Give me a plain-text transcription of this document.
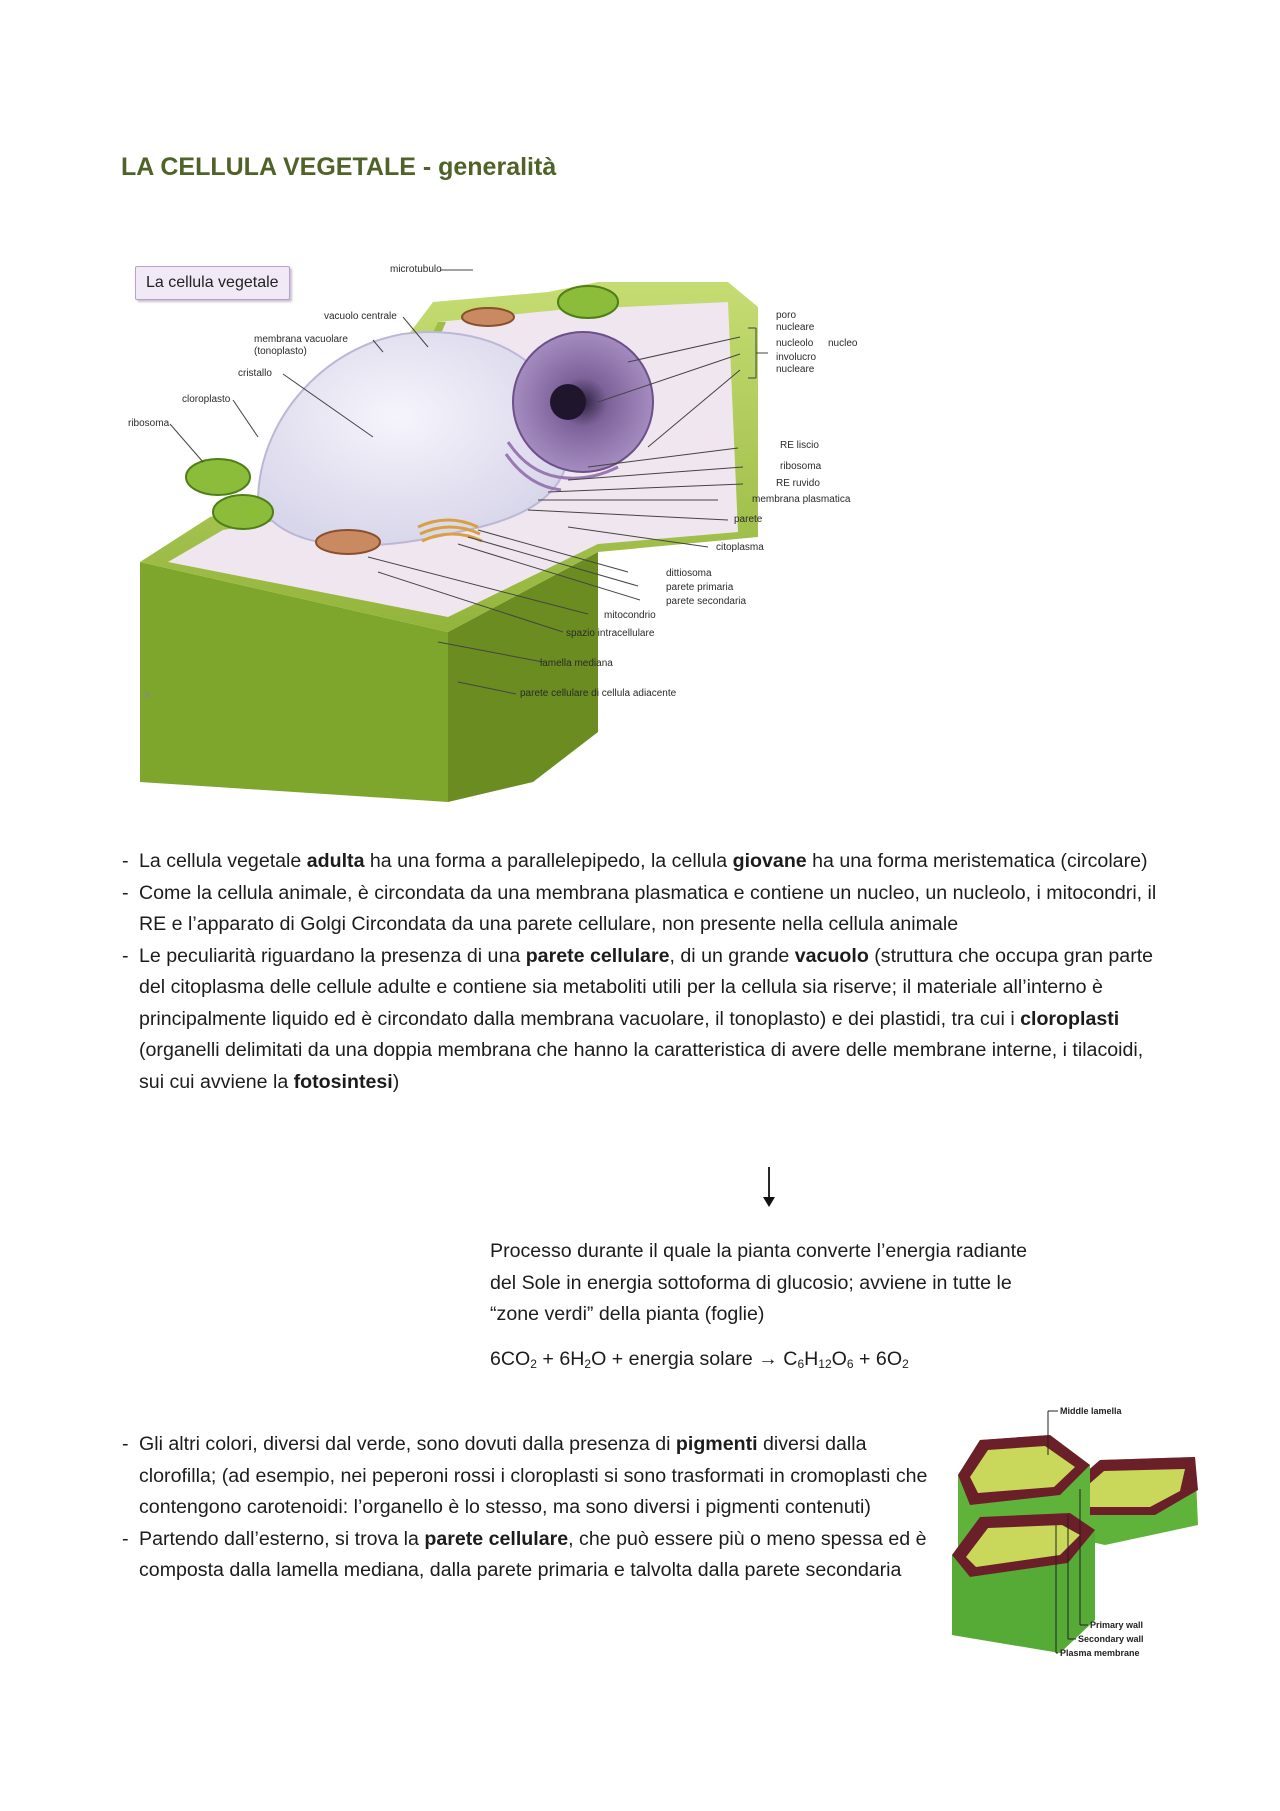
LA CELLULA VEGETALE - generalità
La cellula vegetale
microtubulo
vacuolo centrale
membrana vacuolare
(tonoplasto)
cristallo
cloroplasto
ribosoma
poro
nucleare
nucleolo
involucro
nucleare
nucleo
RE liscio
ribosoma
RE ruvido
membrana plasmatica
parete
citoplasma
dittiosoma
parete primaria
parete secondaria
mitocondrio
spazio intracellulare
lamella mediana
parete cellulare di cellula adiacente
A
- La cellula vegetale adulta ha una forma a parallelepipedo, la cellula giovane ha una forma meristematica (circolare)
- Come la cellula animale, è circondata da una membrana plasmatica e contiene un nucleo, un nucleolo, i mitocondri, il RE e l’apparato di Golgi Circondata da una parete cellulare, non presente nella cellula animale
- Le peculiarità riguardano la presenza di una parete cellulare, di un grande vacuolo (struttura che occupa gran parte del citoplasma delle cellule adulte e contiene sia metaboliti utili per la cellula sia riserve; il materiale all’interno è principalmente liquido ed è circondato dalla membrana vacuolare, il tonoplasto) e dei plastidi, tra cui i cloroplasti (organelli delimitati da una doppia membrana che hanno la caratteristica di avere delle membrane interne, i tilacoidi, sui cui avviene la fotosintesi)

Processo durante il quale la pianta converte l’energia radiante del Sole in energia sottoforma di glucosio; avviene in tutte le “zone verdi” della pianta (foglie)

$6CO_2 + 6H_2O$ + energia solare → $C_6H_{12}O_6 + 6O_2$

- Gli altri colori, diversi dal verde, sono dovuti dalla presenza di pigmenti diversi dalla clorofilla; (ad esempio, nei peperoni rossi i cloroplasti si sono trasformati in cromoplasti che contengono carotenoidi: l’organello è lo stesso, ma sono diversi i pigmenti contenuti)
- Partendo dall’esterno, si trova la parete cellulare, che può essere più o meno spessa ed è composta dalla lamella mediana, dalla parete primaria e talvolta dalla parete secondaria
Middle lamella
Primary wall
Secondary wall
Plasma membrane
